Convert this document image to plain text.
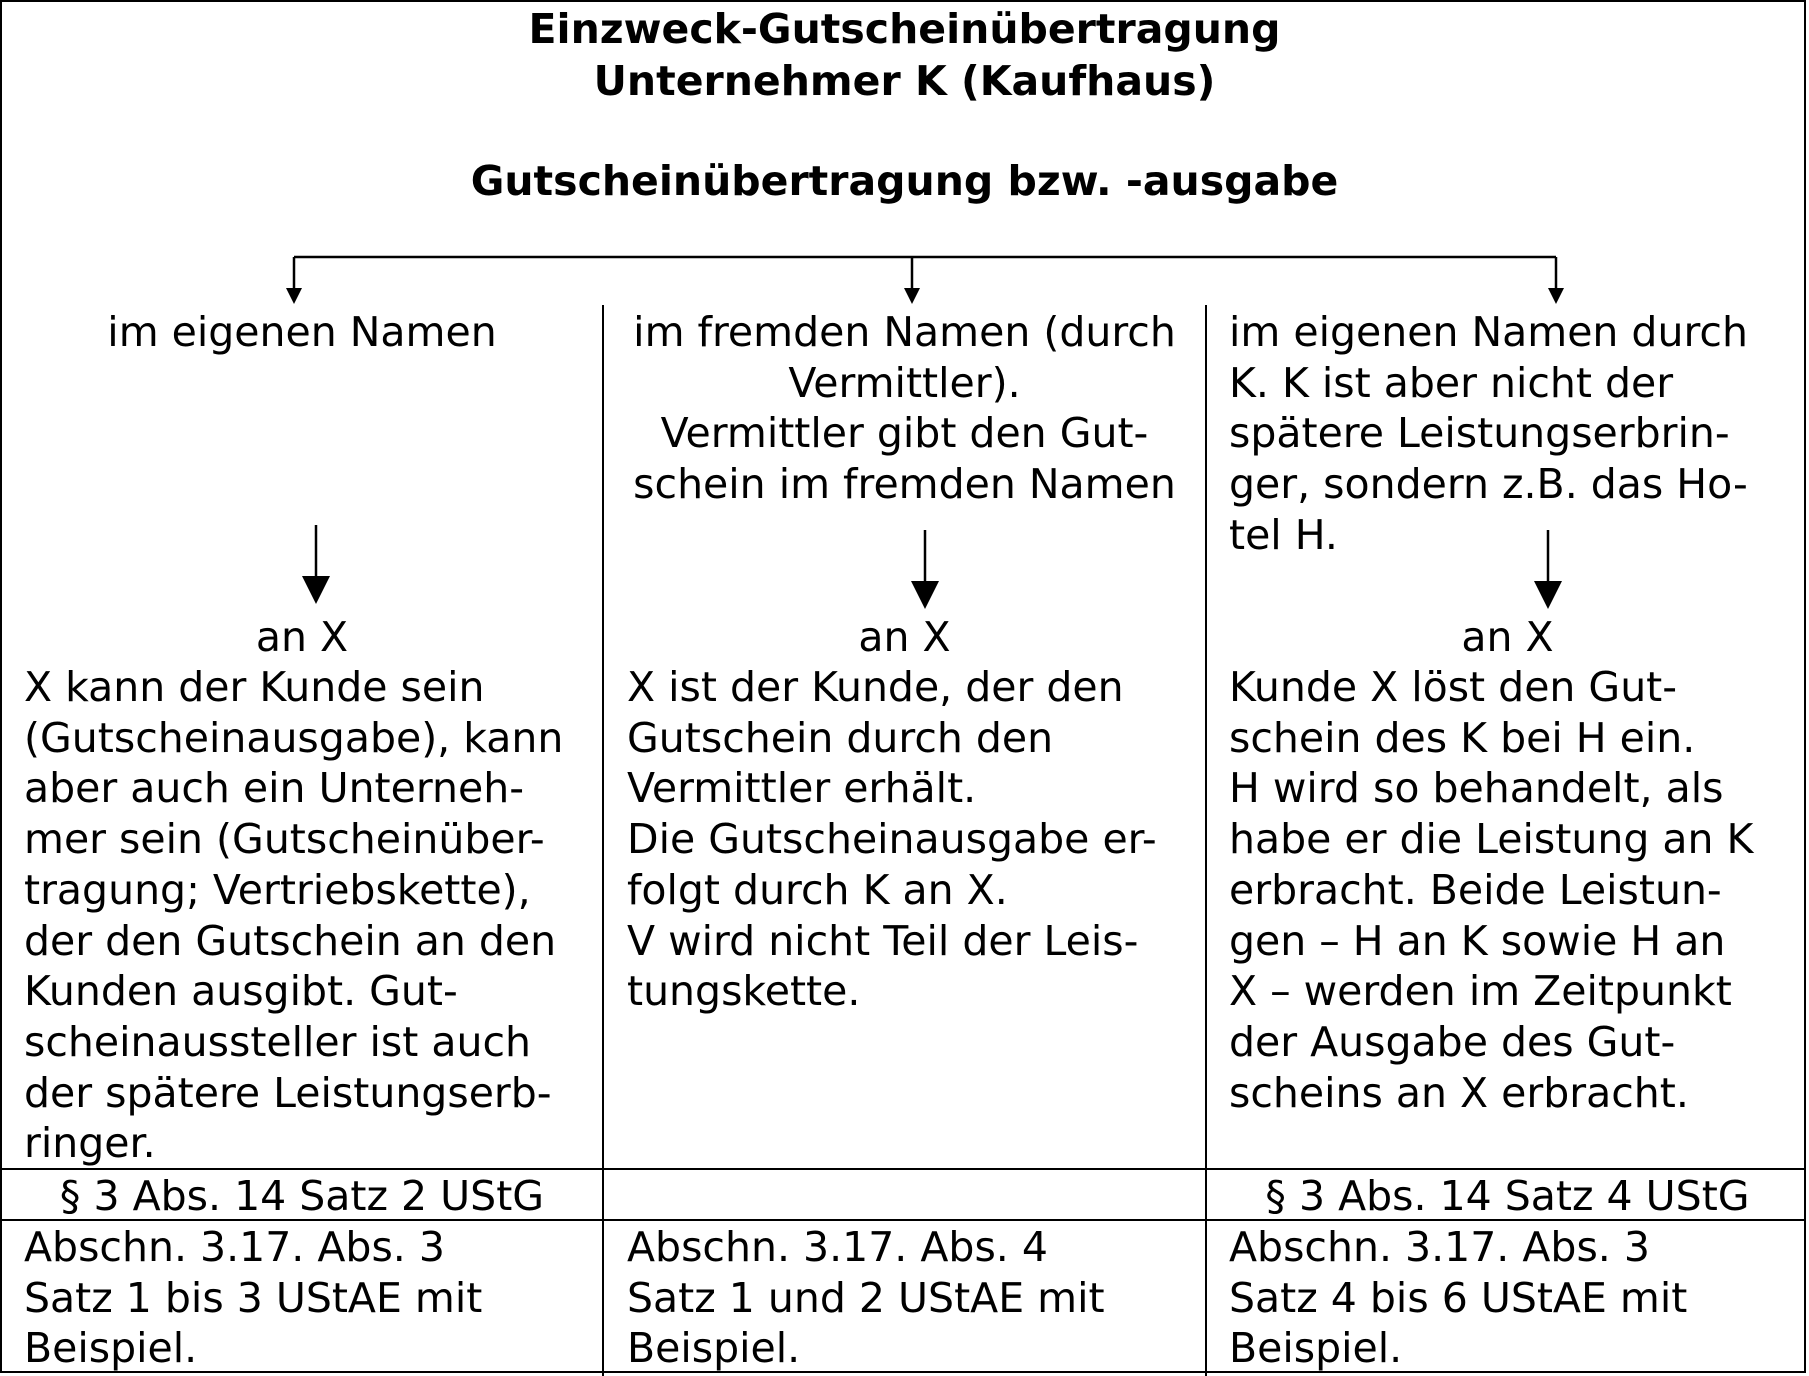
Einzweck-Gutscheinübertragung
Unternehmer K (Kaufhaus)
Gutscheinübertragung bzw. -ausgabe
im eigenen Namen
an X
X kann der Kunde sein
(Gutscheinausgabe), kann
aber auch ein Unterneh-
mer sein (Gutscheinüber-
tragung; Vertriebskette),
der den Gutschein an den
Kunden ausgibt. Gut-
scheinaussteller ist auch
der spätere Leistungserb-
ringer.
§ 3 Abs. 14 Satz 2 UStG
Abschn. 3.17. Abs. 3
Satz 1 bis 3 UStAE mit
Beispiel.
im fremden Namen (durch
Vermittler).
Vermittler gibt den Gut-
schein im fremden Namen
an X
X ist der Kunde, der den
Gutschein durch den
Vermittler erhält.
Die Gutscheinausgabe er-
folgt durch K an X.
V wird nicht Teil der Leis-
tungskette.
Abschn. 3.17. Abs. 4
Satz 1 und 2 UStAE mit
Beispiel.
im eigenen Namen durch
K. K ist aber nicht der
spätere Leistungserbrin-
ger, sondern z.B. das Ho-
tel H.
an X
Kunde X löst den Gut-
schein des K bei H ein.
H wird so behandelt, als
habe er die Leistung an K
erbracht. Beide Leistun-
gen – H an K sowie H an
X – werden im Zeitpunkt
der Ausgabe des Gut-
scheins an X erbracht.
§ 3 Abs. 14 Satz 4 UStG
Abschn. 3.17. Abs. 3
Satz 4 bis 6 UStAE mit
Beispiel.
